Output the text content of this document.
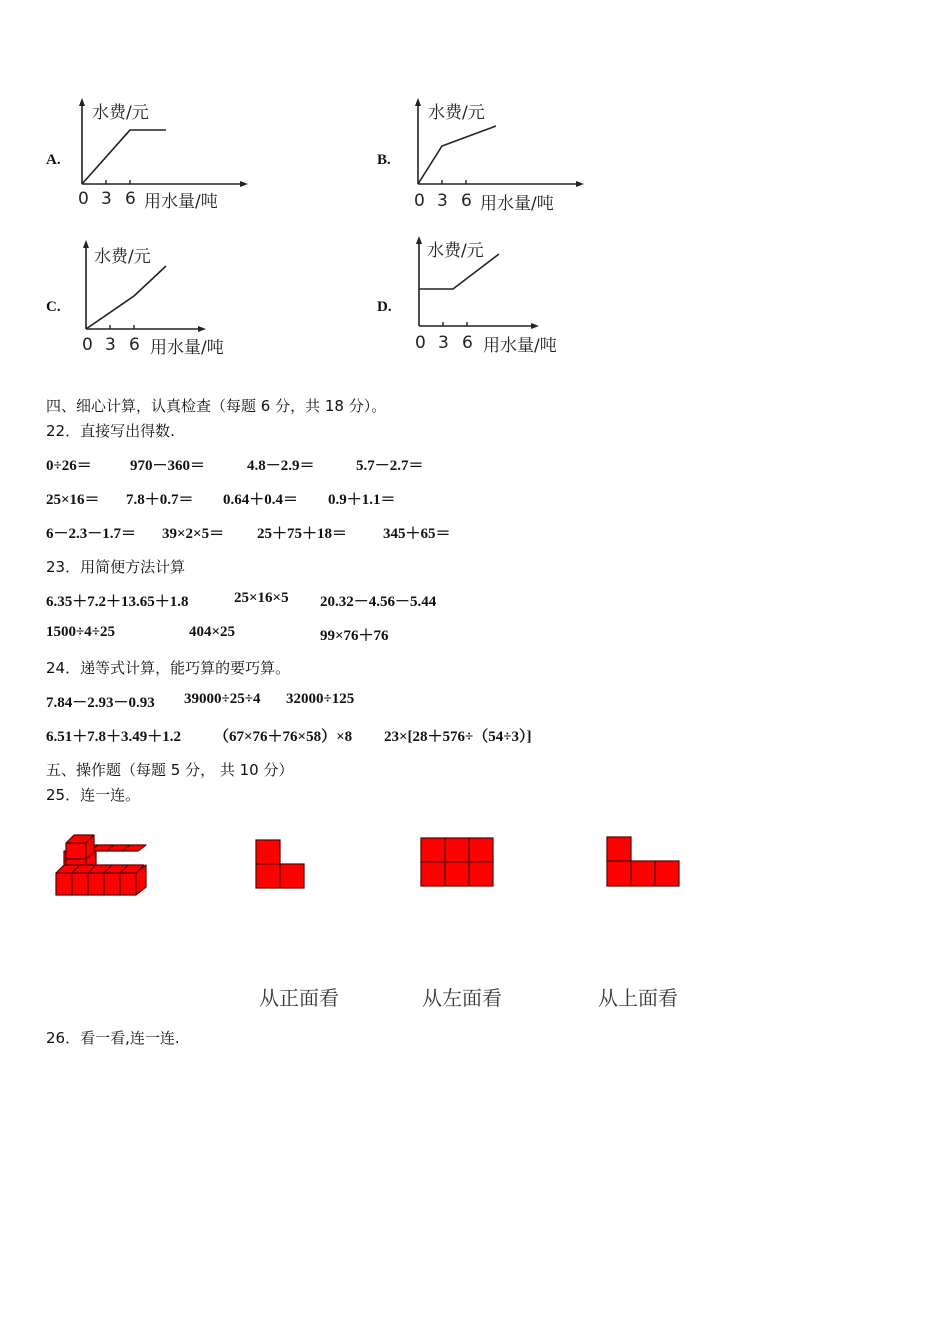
A.
水费/元
0 3 6 用水量/吨
B.
水费/元
0 3 6 用水量/吨
C.
水费/元
0 3 6 用水量/吨
D.
水费/元
0 3 6 用水量/吨
四、细心计算，认真检查（每题 6 分，共 18 分）。
22．直接写出得数.
0÷26＝	970－360＝	4.8－2.9＝	5.7－2.7＝
25×16＝ 7.8＋0.7＝ 0.64＋0.4＝ 0.9＋1.1＝
6－2.3－1.7＝ 39×2×5＝ 25＋75＋18＝ 345＋65＝
23．用简便方法计算
6.35＋7.2＋13.65＋1.8	25×16×5 20.32－4.56－5.44
1500÷4÷25	404×25	99×76＋76
24．递等式计算，能巧算的要巧算。
7.84－2.93－0.93 39000÷25÷4 32000÷125
6.51＋7.8＋3.49＋1.2 （67×76＋76×58）×8 23×[28＋576÷（54÷3）]
五、操作题（每题 5 分， 共 10 分）
25．连一连。
从正面看	从左面看	从上面看
26．看一看,连一连.
